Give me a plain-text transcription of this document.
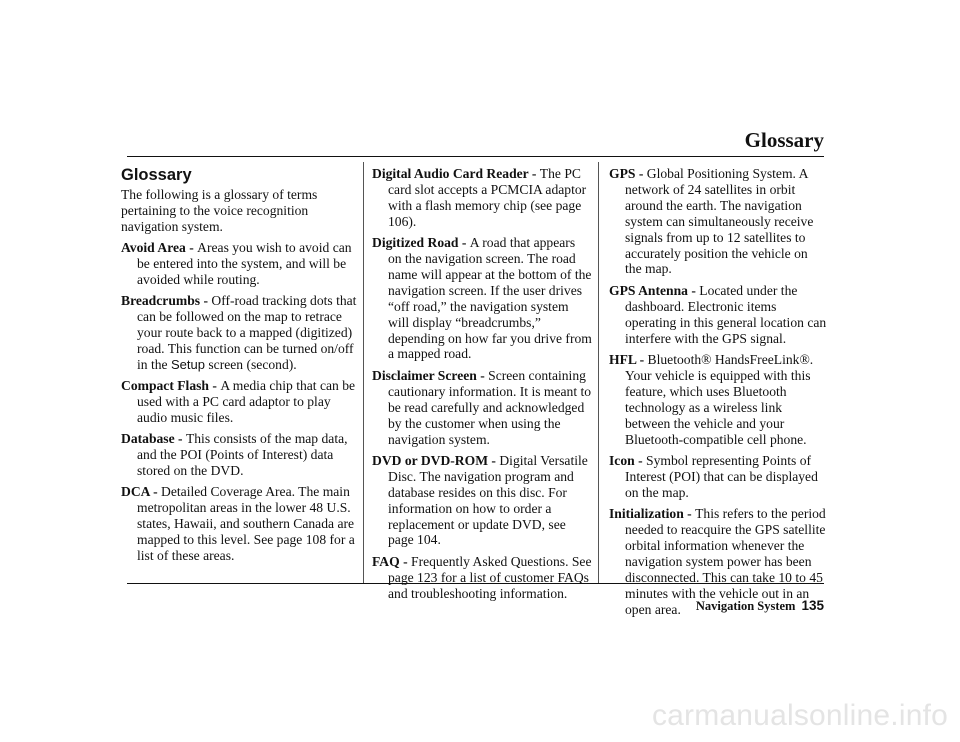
Glossary
Glossary
The following is a glossary of terms pertaining to the voice recognition navigation system.
Avoid Area - Areas you wish to avoid can be entered into the system, and will be avoided while routing.
Breadcrumbs - Off-road tracking dots that can be followed on the map to retrace your route back to a mapped (digitized) road. This function can be turned on/off in the Setup screen (second).
Compact Flash - A media chip that can be used with a PC card adaptor to play audio music files.
Database - This consists of the map data, and the POI (Points of Interest) data stored on the DVD.
DCA - Detailed Coverage Area. The main metropolitan areas in the lower 48 U.S. states, Hawaii, and southern Canada are mapped to this level. See page 108 for a list of these areas.
Digital Audio Card Reader - The PC card slot accepts a PCMCIA adaptor with a flash memory chip (see page 106).
Digitized Road - A road that appears on the navigation screen. The road name will appear at the bottom of the navigation screen. If the user drives “off road,” the navigation system will display “breadcrumbs,” depending on how far you drive from a mapped road.
Disclaimer Screen - Screen containing cautionary information. It is meant to be read carefully and acknowledged by the customer when using the navigation system.
DVD or DVD-ROM - Digital Versatile Disc. The navigation program and database resides on this disc. For information on how to order a replacement or update DVD, see page 104.
FAQ - Frequently Asked Questions. See page 123 for a list of customer FAQs and troubleshooting information.
GPS - Global Positioning System. A network of 24 satellites in orbit around the earth. The navigation system can simultaneously receive signals from up to 12 satellites to accurately position the vehicle on the map.
GPS Antenna - Located under the dashboard. Electronic items operating in this general location can interfere with the GPS signal.
HFL - Bluetooth® HandsFreeLink®. Your vehicle is equipped with this feature, which uses Bluetooth technology as a wireless link between the vehicle and your Bluetooth-compatible cell phone.
Icon - Symbol representing Points of Interest (POI) that can be displayed on the map.
Initialization - This refers to the period needed to reacquire the GPS satellite orbital information whenever the navigation system power has been disconnected. This can take 10 to 45 minutes with the vehicle out in an open area.	Navigation System 135
carmanualsonline.info
